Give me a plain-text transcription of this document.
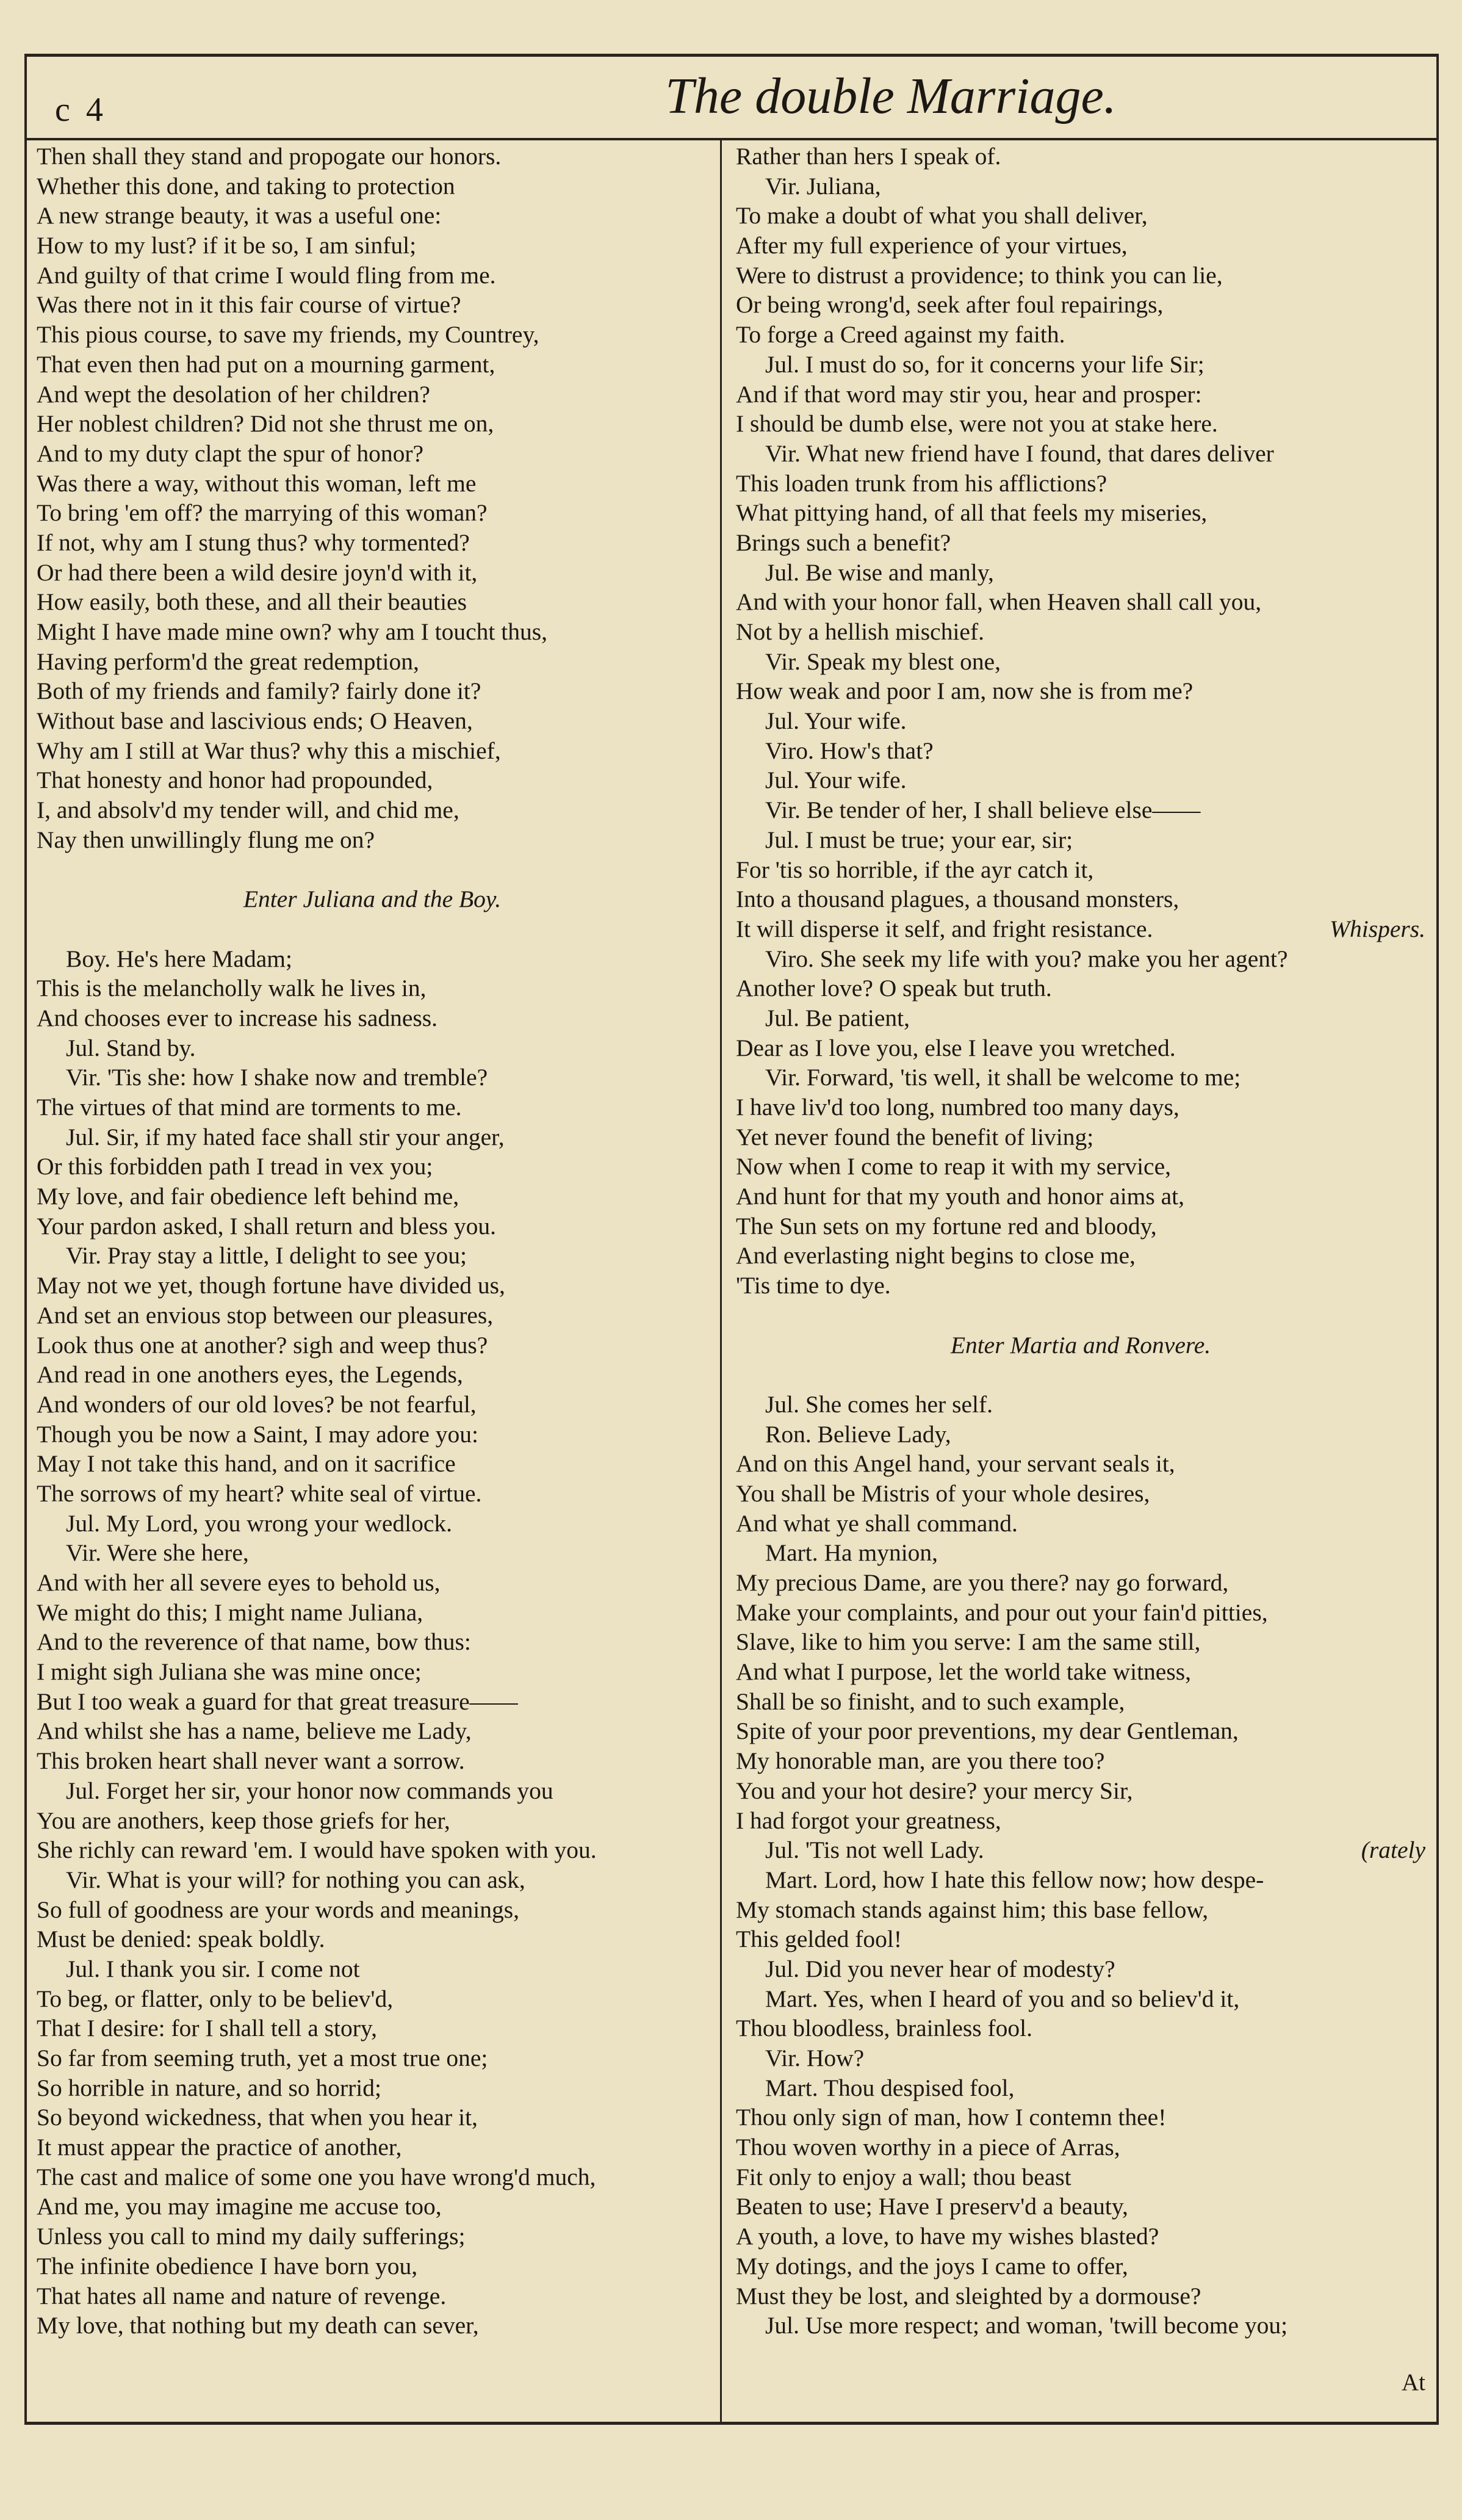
c 4	The double Marriage.
Then shall they stand and propogate our honors.
Whether this done, and taking to protection
A new strange beauty, it was a useful one:
How to my lust? if it be so, I am sinful;
And guilty of that crime I would fling from me.
Was there not in it this fair course of virtue?
This pious course, to save my friends, my Countrey,
That even then had put on a mourning garment,
And wept the desolation of her children?
Her noblest children? Did not she thrust me on,
And to my duty clapt the spur of honor?
Was there a way, without this woman, left me
To bring 'em off? the marrying of this woman?
If not, why am I stung thus? why tormented?
Or had there been a wild desire joyn'd with it,
How easily, both these, and all their beauties
Might I have made mine own? why am I toucht thus,
Having perform'd the great redemption,
Both of my friends and family? fairly done it?
Without base and lascivious ends; O Heaven,
Why am I still at War thus? why this a mischief,
That honesty and honor had propounded,
I, and absolv'd my tender will, and chid me,
Nay then unwillingly flung me on?
Enter Juliana and the Boy.
Boy. He's here Madam;
This is the melancholly walk he lives in,
And chooses ever to increase his sadness.
Jul. Stand by.
Vir. 'Tis she: how I shake now and tremble?
The virtues of that mind are torments to me.
Jul. Sir, if my hated face shall stir your anger,
Or this forbidden path I tread in vex you;
My love, and fair obedience left behind me,
Your pardon asked, I shall return and bless you.
Vir. Pray stay a little, I delight to see you;
May not we yet, though fortune have divided us,
And set an envious stop between our pleasures,
Look thus one at another? sigh and weep thus?
And read in one anothers eyes, the Legends,
And wonders of our old loves? be not fearful,
Though you be now a Saint, I may adore you:
May I not take this hand, and on it sacrifice
The sorrows of my heart? white seal of virtue.
Jul. My Lord, you wrong your wedlock.
Vir. Were she here,
And with her all severe eyes to behold us,
We might do this; I might name Juliana,
And to the reverence of that name, bow thus:
I might sigh Juliana she was mine once;
But I too weak a guard for that great treasure——
And whilst she has a name, believe me Lady,
This broken heart shall never want a sorrow.
Jul. Forget her sir, your honor now commands you
You are anothers, keep those griefs for her,
She richly can reward 'em. I would have spoken with you.
Vir. What is your will? for nothing you can ask,
So full of goodness are your words and meanings,
Must be denied: speak boldly.
Jul. I thank you sir. I come not
To beg, or flatter, only to be believ'd,
That I desire: for I shall tell a story,
So far from seeming truth, yet a most true one;
So horrible in nature, and so horrid;
So beyond wickedness, that when you hear it,
It must appear the practice of another,
The cast and malice of some one you have wrong'd much,
And me, you may imagine me accuse too,
Unless you call to mind my daily sufferings;
The infinite obedience I have born you,
That hates all name and nature of revenge.
My love, that nothing but my death can sever,
Rather than hers I speak of.
Vir. Juliana,
To make a doubt of what you shall deliver,
After my full experience of your virtues,
Were to distrust a providence; to think you can lie,
Or being wrong'd, seek after foul repairings,
To forge a Creed against my faith.
Jul. I must do so, for it concerns your life Sir;
And if that word may stir you, hear and prosper:
I should be dumb else, were not you at stake here.
Vir. What new friend have I found, that dares deliver
This loaden trunk from his afflictions?
What pittying hand, of all that feels my miseries,
Brings such a benefit?
Jul. Be wise and manly,
And with your honor fall, when Heaven shall call you,
Not by a hellish mischief.
Vir. Speak my blest one,
How weak and poor I am, now she is from me?
Jul. Your wife.
Viro. How's that?
Jul. Your wife.
Vir. Be tender of her, I shall believe else——
Jul. I must be true; your ear, sir;
For 'tis so horrible, if the ayr catch it,
Into a thousand plagues, a thousand monsters,
It will disperse it self, and fright resistance.	Whispers.
Viro. She seek my life with you? make you her agent?
Another love? O speak but truth.
Jul. Be patient,
Dear as I love you, else I leave you wretched.
Vir. Forward, 'tis well, it shall be welcome to me;
I have liv'd too long, numbred too many days,
Yet never found the benefit of living;
Now when I come to reap it with my service,
And hunt for that my youth and honor aims at,
The Sun sets on my fortune red and bloody,
And everlasting night begins to close me,
'Tis time to dye.
Enter Martia and Ronvere.
Jul. She comes her self.
Ron. Believe Lady,
And on this Angel hand, your servant seals it,
You shall be Mistris of your whole desires,
And what ye shall command.
Mart. Ha mynion,
My precious Dame, are you there? nay go forward,
Make your complaints, and pour out your fain'd pitties,
Slave, like to him you serve: I am the same still,
And what I purpose, let the world take witness,
Shall be so finisht, and to such example,
Spite of your poor preventions, my dear Gentleman,
My honorable man, are you there too?
You and your hot desire? your mercy Sir,
I had forgot your greatness,
Jul. 'Tis not well Lady.	(rately
Mart. Lord, how I hate this fellow now; how despe-
My stomach stands against him; this base fellow,
This gelded fool!
Jul. Did you never hear of modesty?
Mart. Yes, when I heard of you and so believ'd it,
Thou bloodless, brainless fool.
Vir. How?
Mart. Thou despised fool,
Thou only sign of man, how I contemn thee!
Thou woven worthy in a piece of Arras,
Fit only to enjoy a wall; thou beast
Beaten to use; Have I preserv'd a beauty,
A youth, a love, to have my wishes blasted?
My dotings, and the joys I came to offer,
Must they be lost, and sleighted by a dormouse?
Jul. Use more respect; and woman, 'twill become you;
At
